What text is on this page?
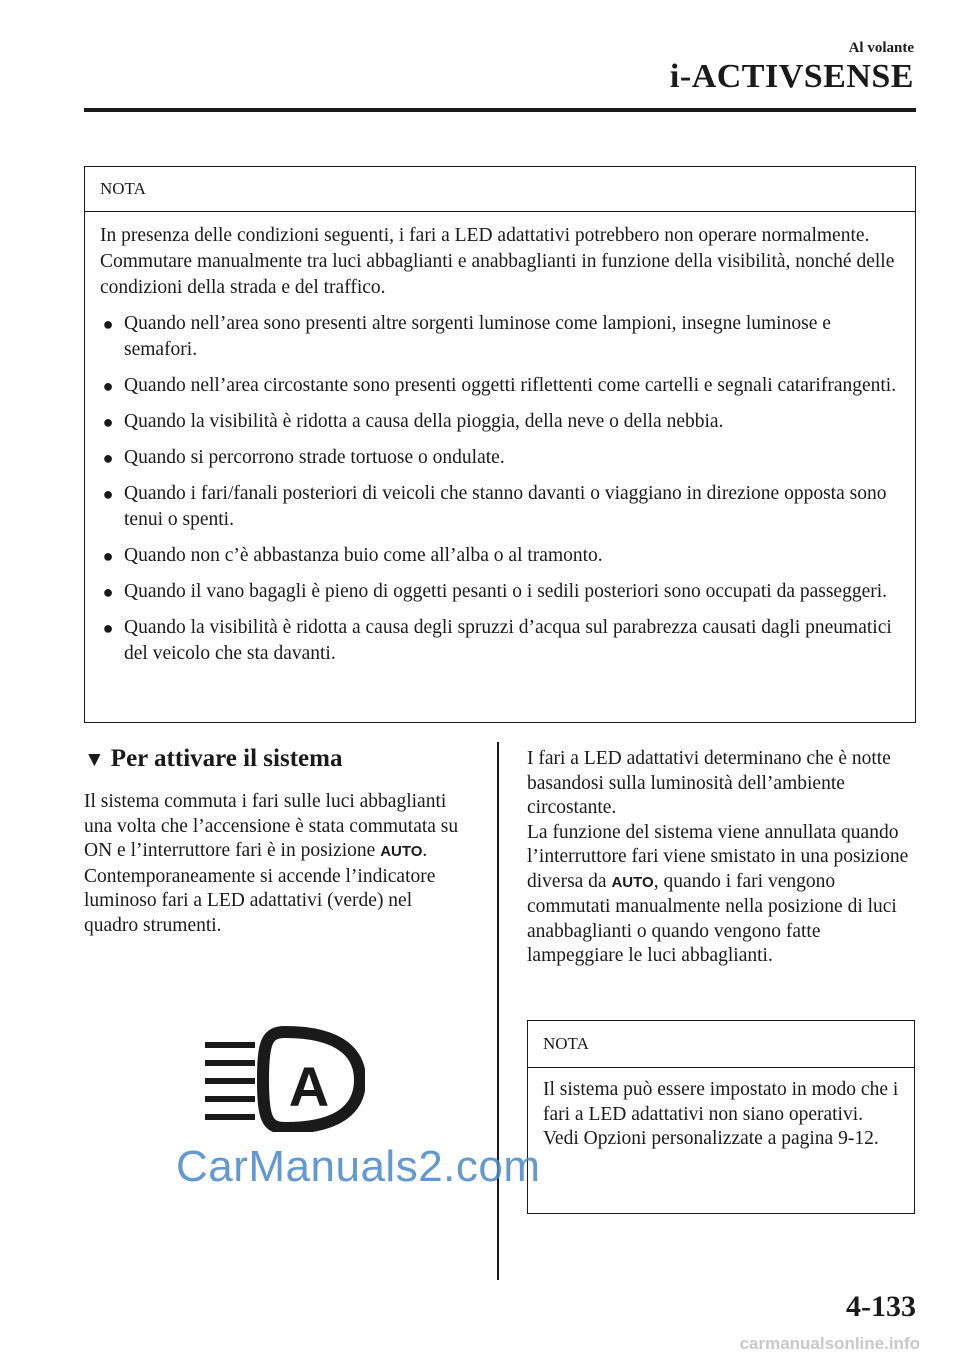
Al volante
i-ACTIVSENSE
NOTA

In presenza delle condizioni seguenti, i fari a LED adattativi potrebbero non operare normalmente. Commutare manualmente tra luci abbaglianti e anabbaglianti in funzione della visibilità, nonché delle condizioni della strada e del traffico.

● Quando nell’area sono presenti altre sorgenti luminose come lampioni, insegne luminose e semafori.
● Quando nell’area circostante sono presenti oggetti riflettenti come cartelli e segnali catarifrangenti.
● Quando la visibilità è ridotta a causa della pioggia, della neve o della nebbia.
● Quando si percorrono strade tortuose o ondulate.
● Quando i fari/fanali posteriori di veicoli che stanno davanti o viaggiano in direzione opposta sono tenui o spenti.
● Quando non c’è abbastanza buio come all’alba o al tramonto.
● Quando il vano bagagli è pieno di oggetti pesanti o i sedili posteriori sono occupati da passeggeri.
● Quando la visibilità è ridotta a causa degli spruzzi d’acqua sul parabrezza causati dagli pneumatici del veicolo che sta davanti.
▼ Per attivare il sistema
Il sistema commuta i fari sulle luci abbaglianti una volta che l’accensione è stata commutata su ON e l’interruttore fari è in posizione AUTO.
Contemporaneamente si accende l’indicatore luminoso fari a LED adattativi (verde) nel quadro strumenti.
A
I fari a LED adattativi determinano che è notte basandosi sulla luminosità dell’ambiente circostante.
La funzione del sistema viene annullata quando l’interruttore fari viene smistato in una posizione diversa da AUTO, quando i fari vengono commutati manualmente nella posizione di luci anabbaglianti o quando vengono fatte lampeggiare le luci abbaglianti.
NOTA

Il sistema può essere impostato in modo che i fari a LED adattativi non siano operativi.

Vedi Opzioni personalizzate a pagina 9-12.

CarManuals2.com
4-133
carmanualsonline.info
